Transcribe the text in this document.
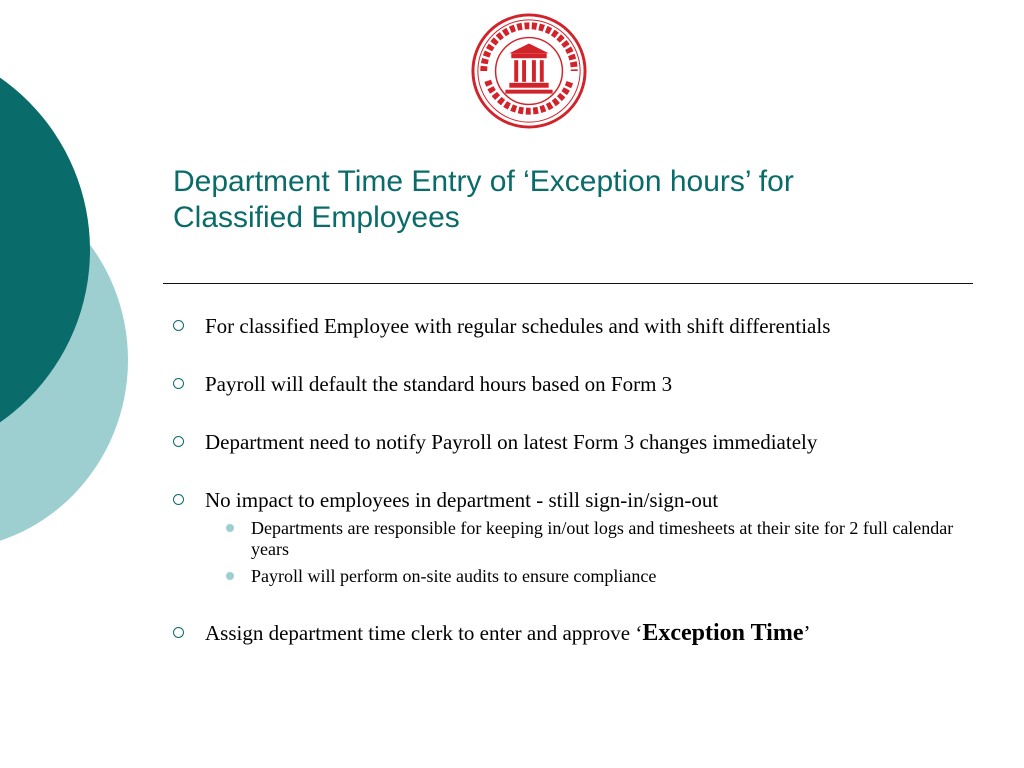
Department Time Entry of ‘Exception hours’ for
Classified Employees
For classified Employee with regular schedules and with shift differentials
Payroll will default the standard hours based on Form 3
Department need to notify Payroll on latest Form 3 changes immediately
No impact to employees in department - still sign-in/sign-out
Departments are responsible for keeping in/out logs and timesheets at their site for 2 full calendar years
Payroll will perform on-site audits to ensure compliance
Assign department time clerk to enter and approve ‘Exception Time’
